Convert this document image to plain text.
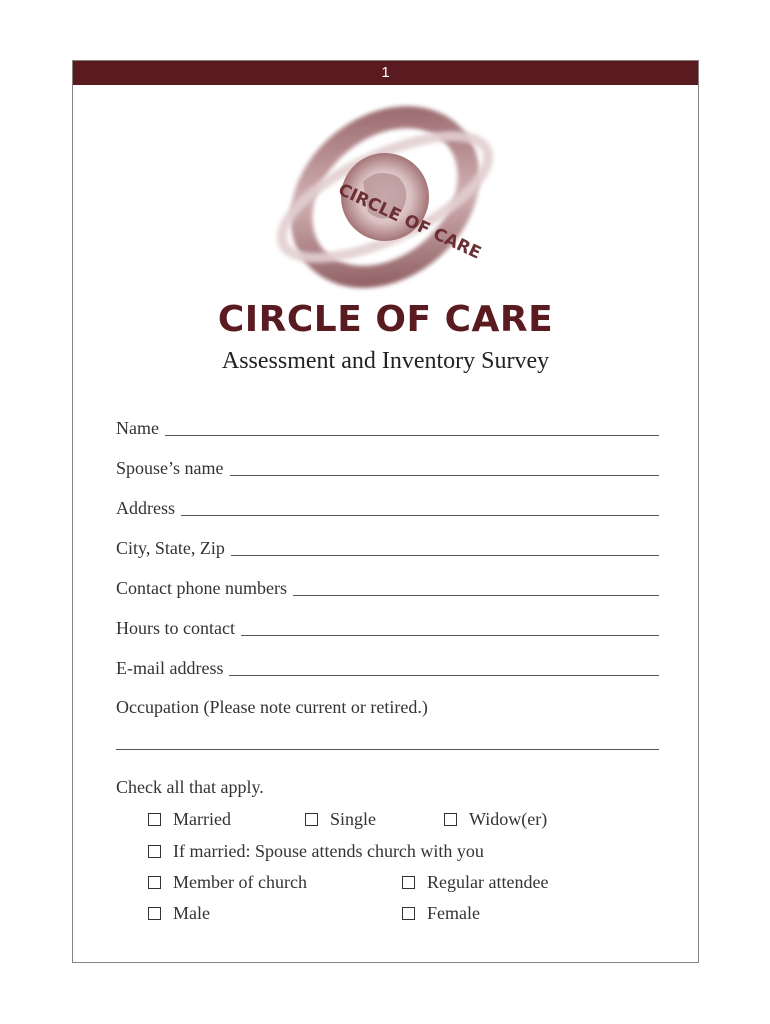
1
CIRCLE OF CARE
CIRCLE OF CARE
Assessment and Inventory Survey
Name
Spouse’s name
Address
City, State, Zip
Contact phone numbers
Hours to contact
E-mail address
Occupation (Please note current or retired.)
Check all that apply.
Married	Single	Widow(er)
If married: Spouse attends church with you
Member of church	Regular attendee
Male	Female
